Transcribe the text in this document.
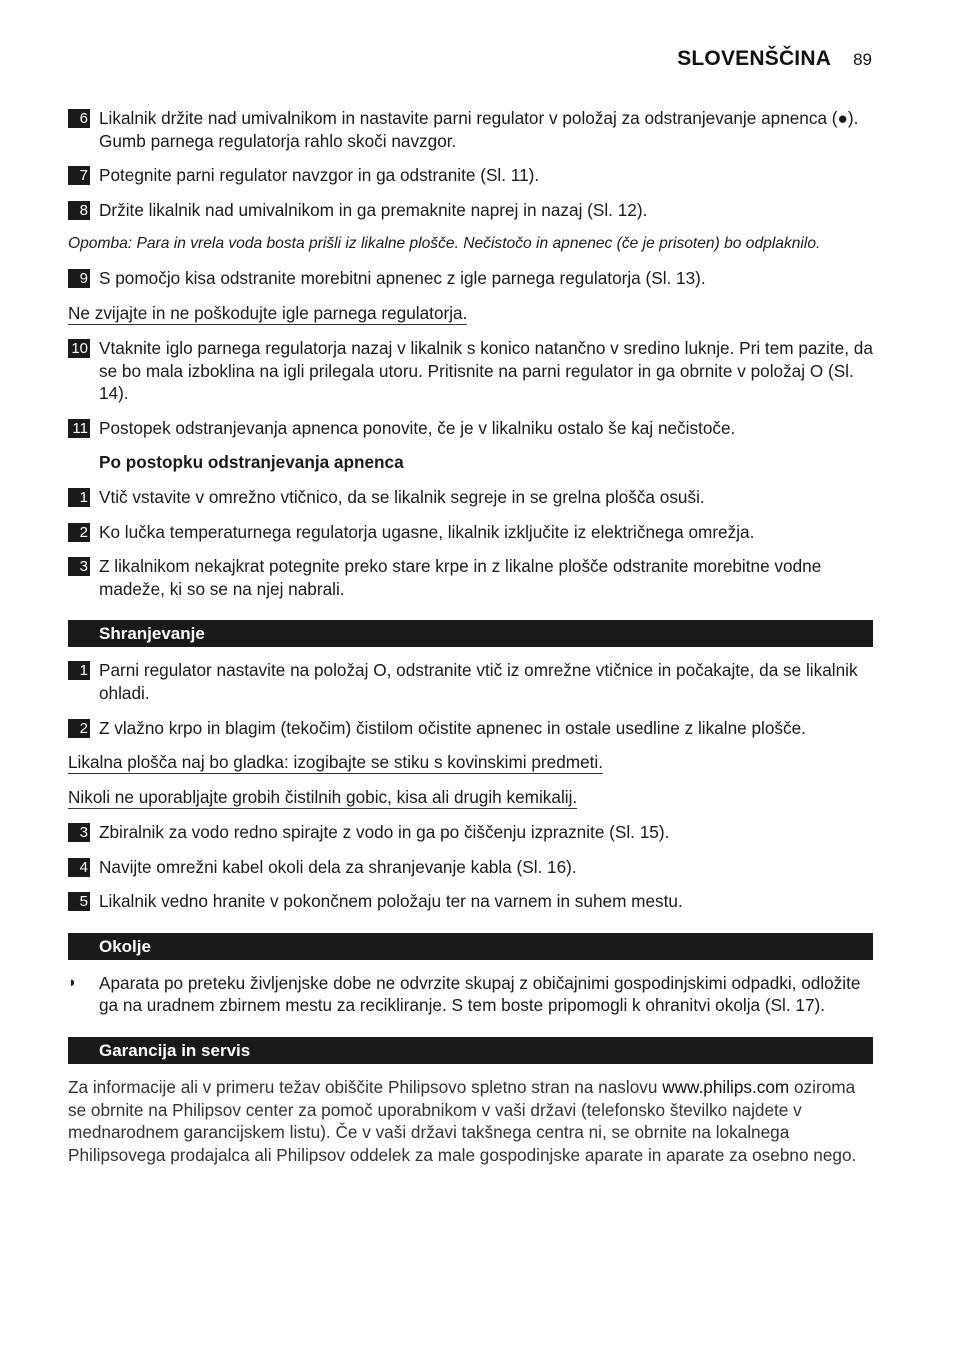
SLOVENŠČINA 89
6 Likalnik držite nad umivalnikom in nastavite parni regulator v položaj za odstranjevanje apnenca (●). Gumb parnega regulatorja rahlo skoči navzgor.
7 Potegnite parni regulator navzgor in ga odstranite (Sl. 11).
8 Držite likalnik nad umivalnikom in ga premaknite naprej in nazaj (Sl. 12).
Opomba: Para in vrela voda bosta prišli iz likalne plošče. Nečistočo in apnenec (če je prisoten) bo odplaknilo.
9 S pomočjo kisa odstranite morebitni apnenec z igle parnega regulatorja (Sl. 13).
Ne zvijajte in ne poškodujte igle parnega regulatorja.
10 Vtaknite iglo parnega regulatorja nazaj v likalnik s konico natančno v sredino luknje. Pri tem pazite, da se bo mala izboklina na igli prilegala utoru. Pritisnite na parni regulator in ga obrnite v položaj O (Sl. 14).
11 Postopek odstranjevanja apnenca ponovite, če je v likalniku ostalo še kaj nečistoče.
Po postopku odstranjevanja apnenca
1 Vtič vstavite v omrežno vtičnico, da se likalnik segreje in se grelna plošča osuši.
2 Ko lučka temperaturnega regulatorja ugasne, likalnik izključite iz električnega omrežja.
3 Z likalnikom nekajkrat potegnite preko stare krpe in z likalne plošče odstranite morebitne vodne madeže, ki so se na njej nabrali.
Shranjevanje
1 Parni regulator nastavite na položaj O, odstranite vtič iz omrežne vtičnice in počakajte, da se likalnik ohladi.
2 Z vlažno krpo in blagim (tekočim) čistilom očistite apnenec in ostale usedline z likalne plošče.
Likalna plošča naj bo gladka: izogibajte se stiku s kovinskimi predmeti.
Nikoli ne uporabljajte grobih čistilnih gobic, kisa ali drugih kemikalij.
3 Zbiralnik za vodo redno spirajte z vodo in ga po čiščenju izpraznite (Sl. 15).
4 Navijte omrežni kabel okoli dela za shranjevanje kabla (Sl. 16).
5 Likalnik vedno hranite v pokončnem položaju ter na varnem in suhem mestu.
Okolje
◗ Aparata po preteku življenjske dobe ne odvrzite skupaj z običajnimi gospodinjskimi odpadki, odložite ga na uradnem zbirnem mestu za recikliranje. S tem boste pripomogli k ohranitvi okolja (Sl. 17).
Garancija in servis
Za informacije ali v primeru težav obiščite Philipsovo spletno stran na naslovu www.philips.com oziroma se obrnite na Philipsov center za pomoč uporabnikom v vaši državi (telefonsko številko najdete v mednarodnem garancijskem listu). Če v vaši državi takšnega centra ni, se obrnite na lokalnega Philipsovega prodajalca ali Philipsov oddelek za male gospodinjske aparate in aparate za osebno nego.
